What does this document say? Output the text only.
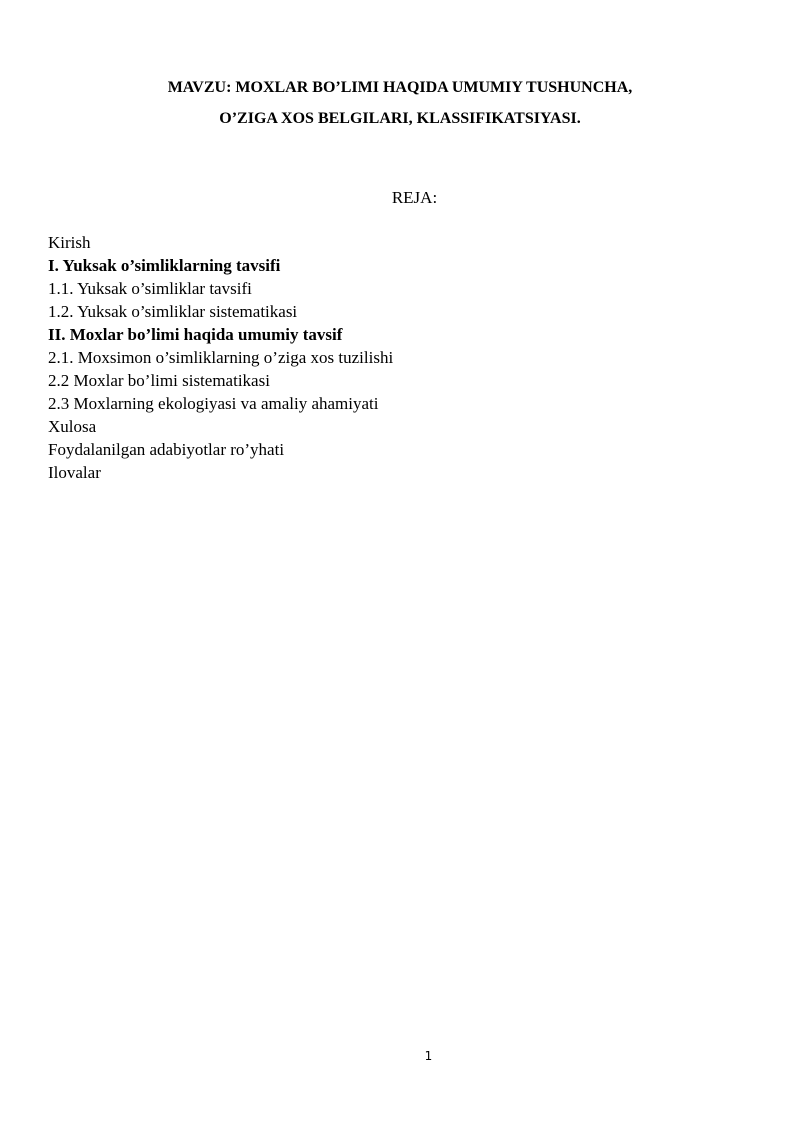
MAVZU: MOXLAR BO’LIMI HAQIDA UMUMIY TUSHUNCHA,
O’ZIGA XOS BELGILARI, KLASSIFIKATSIYASI.
REJA:
Kirish
I. Yuksak o’simliklarning tavsifi
1.1. Yuksak o’simliklar tavsifi
1.2. Yuksak o’simliklar sistematikasi
II. Moxlar bo’limi haqida umumiy tavsif
2.1. Moxsimon o’simliklarning o’ziga xos tuzilishi
2.2 Moxlar bo’limi sistematikasi
2.3 Moxlarning ekologiyasi va amaliy ahamiyati
Xulosa
Foydalanilgan adabiyotlar ro’yhati
Ilovalar
1
